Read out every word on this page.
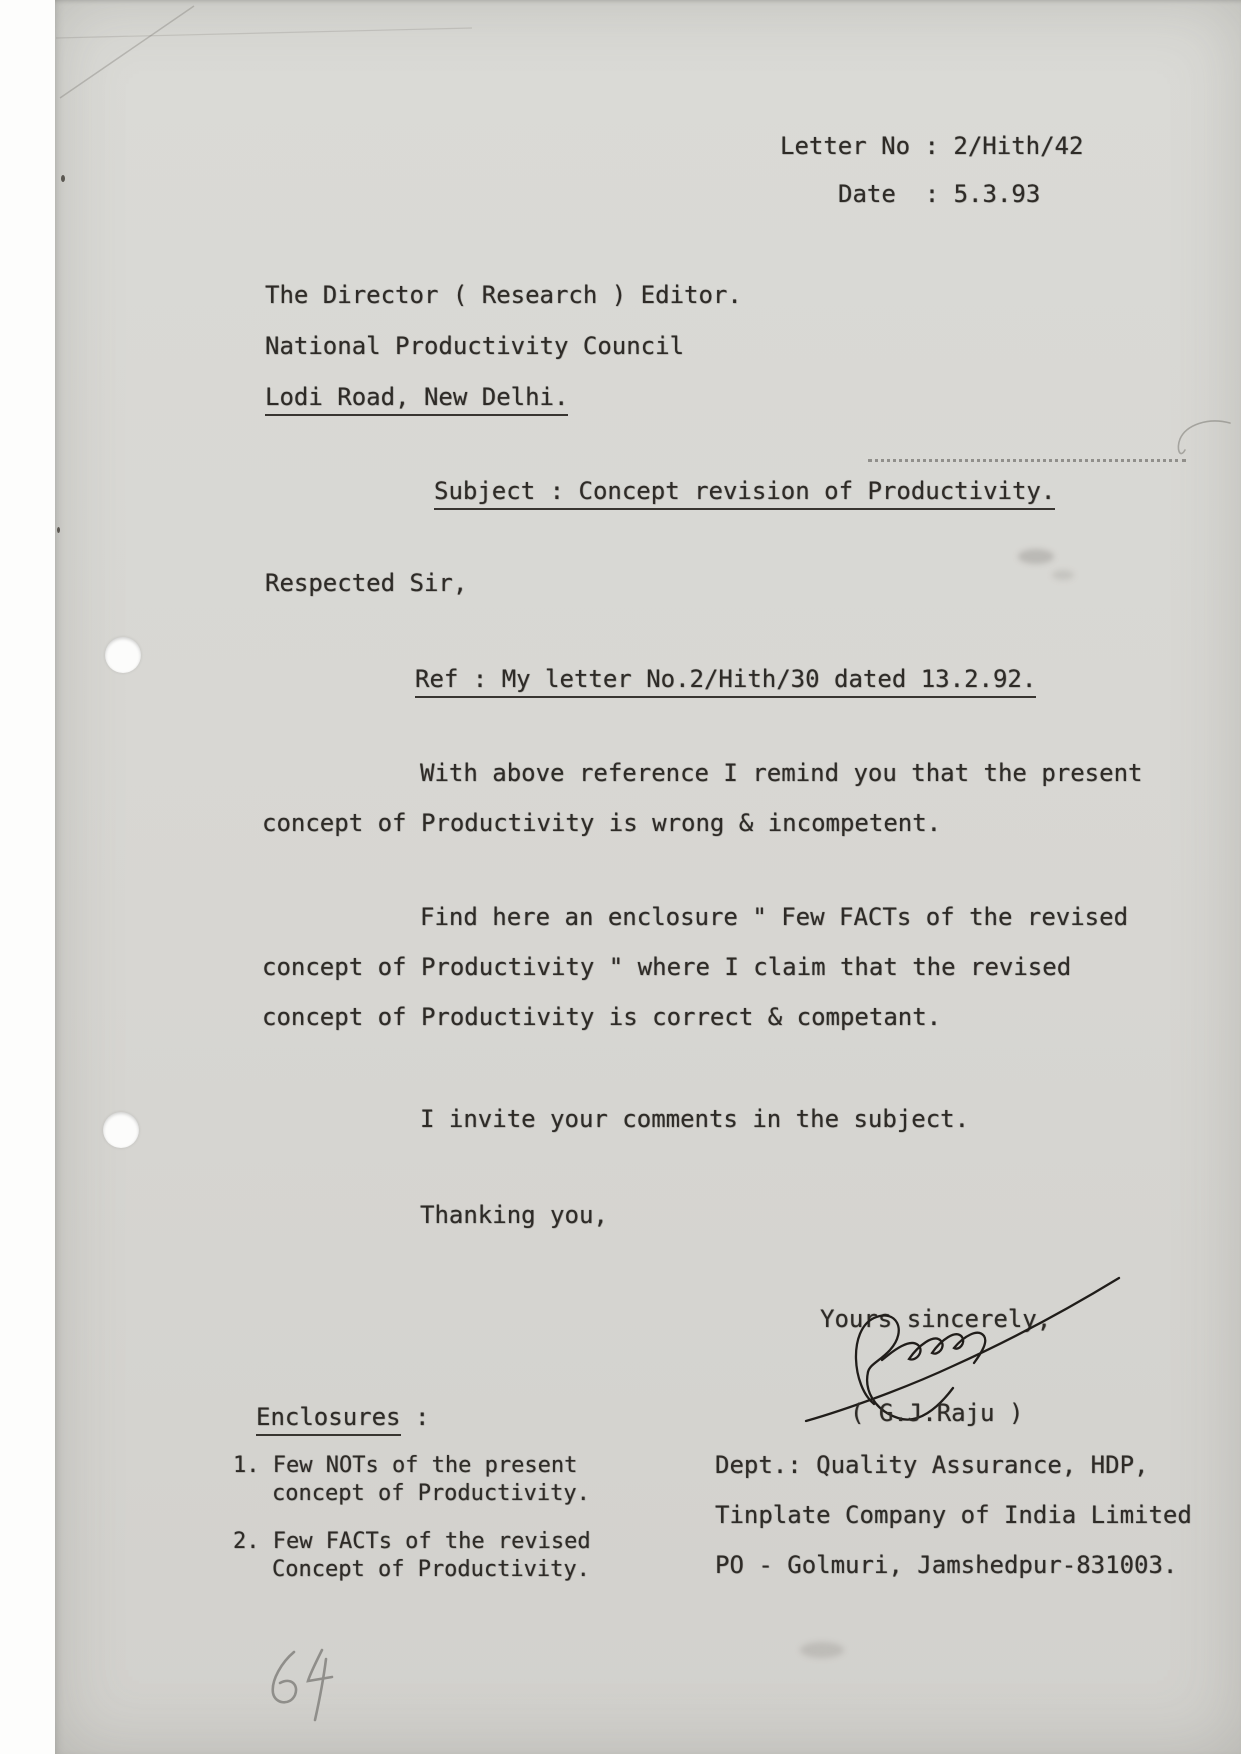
Letter No : 2/Hith/42
Date  : 5.3.93
The Director ( Research ) Editor.
National Productivity Council
Lodi Road, New Delhi.
Subject : Concept revision of Productivity.
Respected Sir,
Ref : My letter No.2/Hith/30 dated 13.2.92.
With above reference I remind you that the present
concept of Productivity is wrong & incompetent.
Find here an enclosure " Few FACTs of the revised
concept of Productivity " where I claim that the revised
concept of Productivity is correct & competant.
I invite your comments in the subject.
Thanking you,
Yours sincerely,
( G.J.Raju )
Enclosures :
1. Few NOTs of the present
concept of Productivity.
2. Few FACTs of the revised
Concept of Productivity.
Dept.: Quality Assurance, HDP,
Tinplate Company of India Limited
PO - Golmuri, Jamshedpur-831003.
